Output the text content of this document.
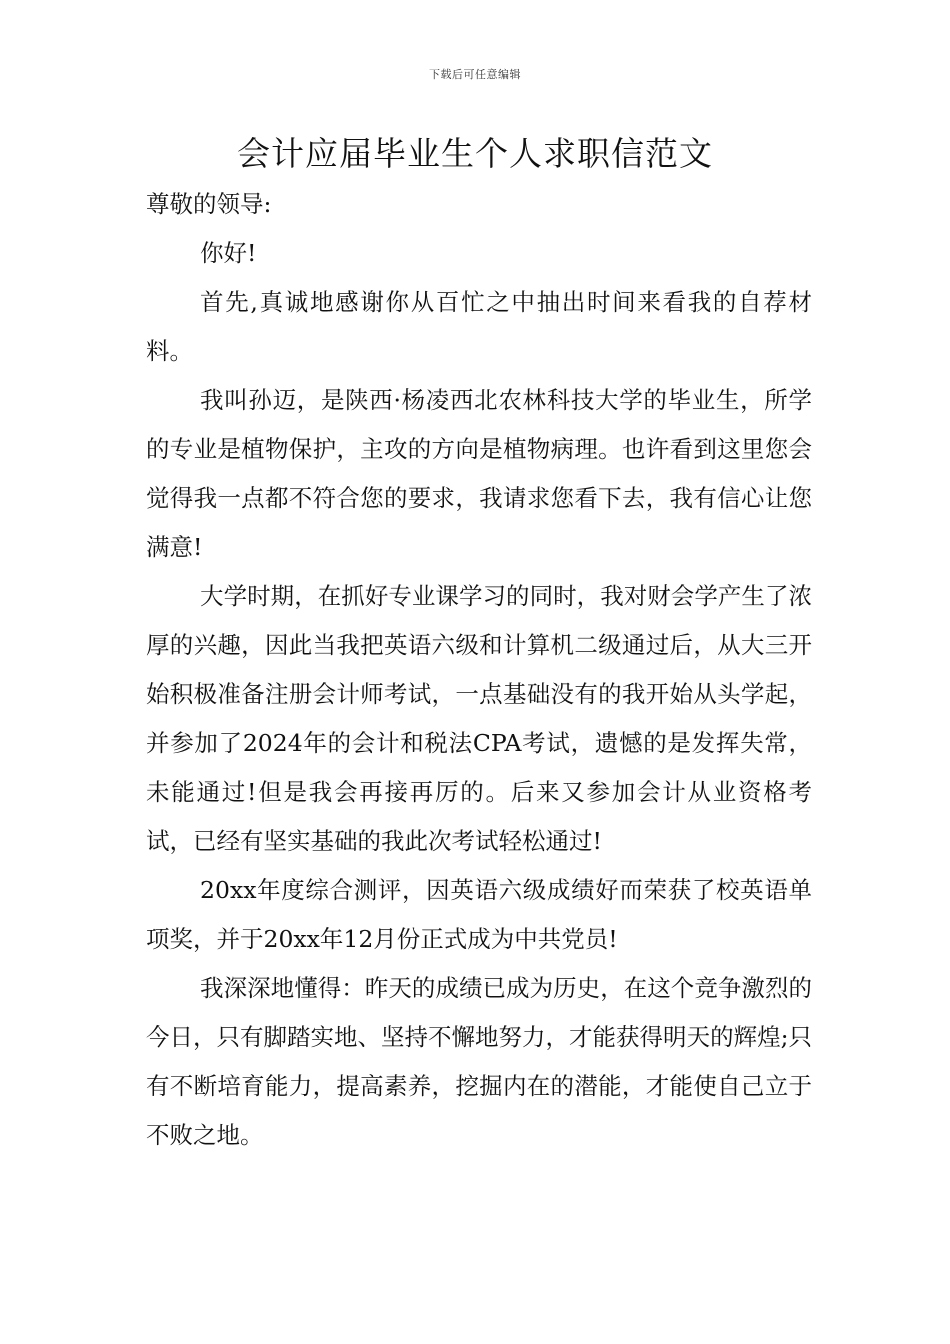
下载后可任意编辑
会计应届毕业生个人求职信范文

尊敬的领导:

你好!

首先,真诚地感谢你从百忙之中抽出时间来看我的自荐材料。

我叫孙迈，是陕西·杨凌西北农林科技大学的毕业生，所学的专业是植物保护，主攻的方向是植物病理。也许看到这里您会觉得我一点都不符合您的要求，我请求您看下去，我有信心让您满意!

大学时期，在抓好专业课学习的同时，我对财会学产生了浓厚的兴趣，因此当我把英语六级和计算机二级通过后，从大三开始积极准备注册会计师考试，一点基础没有的我开始从头学起，并参加了2024年的会计和税法CPA考试，遗憾的是发挥失常，未能通过!但是我会再接再厉的。后来又参加会计从业资格考试，已经有坚实基础的我此次考试轻松通过!

20xx年度综合测评，因英语六级成绩好而荣获了校英语单项奖，并于20xx年12月份正式成为中共党员!

我深深地懂得：昨天的成绩已成为历史，在这个竞争激烈的今日，只有脚踏实地、坚持不懈地努力，才能获得明天的辉煌;只有不断培育能力，提高素养，挖掘内在的潜能，才能使自己立于不败之地。
